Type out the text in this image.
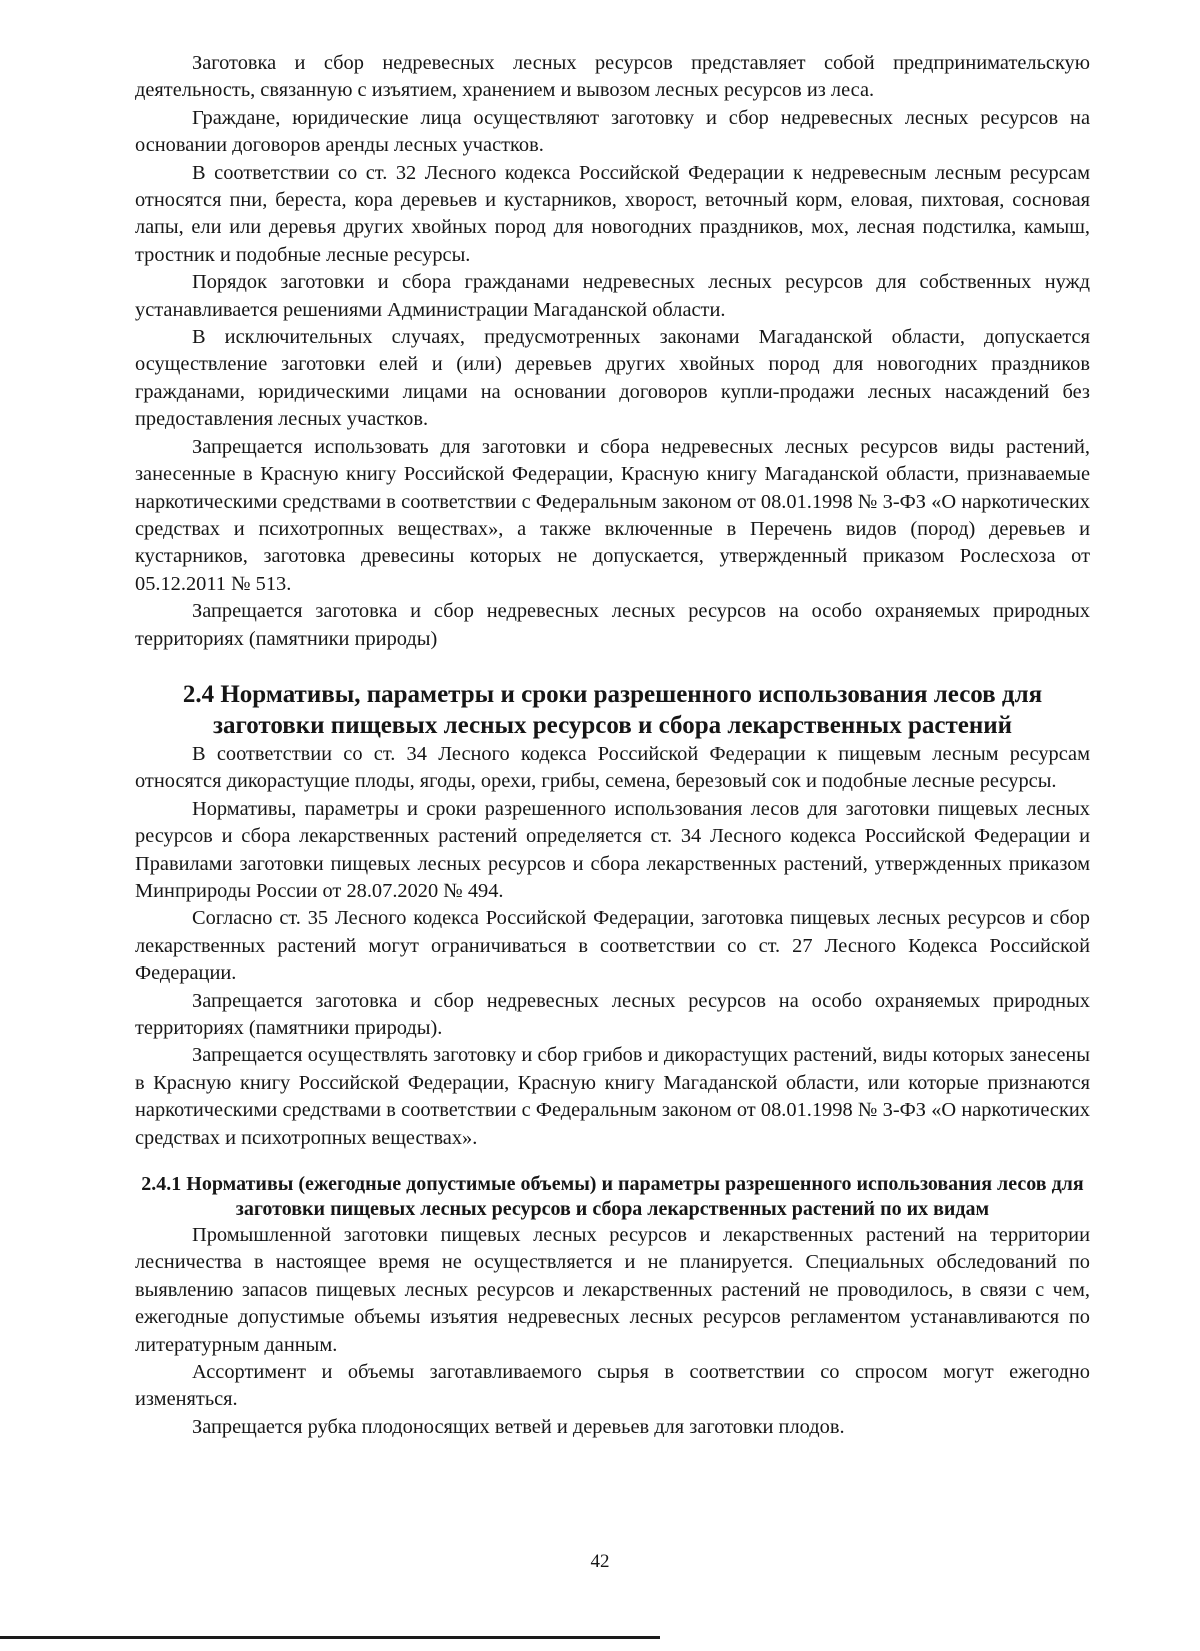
Заготовка и сбор недревесных лесных ресурсов представляет собой предпринимательскую деятельность, связанную с изъятием, хранением и вывозом лесных ресурсов из леса.

Граждане, юридические лица осуществляют заготовку и сбор недревесных лесных ресурсов на основании договоров аренды лесных участков.

В соответствии со ст. 32 Лесного кодекса Российской Федерации к недревесным лесным ресурсам относятся пни, береста, кора деревьев и кустарников, хворост, веточный корм, еловая, пихтовая, сосновая лапы, ели или деревья других хвойных пород для новогодних праздников, мох, лесная подстилка, камыш, тростник и подобные лесные ресурсы.

Порядок заготовки и сбора гражданами недревесных лесных ресурсов для собственных нужд устанавливается решениями Администрации Магаданской области.

В исключительных случаях, предусмотренных законами Магаданской области, допускается осуществление заготовки елей и (или) деревьев других хвойных пород для новогодних праздников гражданами, юридическими лицами на основании договоров купли-продажи лесных насаждений без предоставления лесных участков.

Запрещается использовать для заготовки и сбора недревесных лесных ресурсов виды растений, занесенные в Красную книгу Российской Федерации, Красную книгу Магаданской области, признаваемые наркотическими средствами в соответствии с Федеральным законом от 08.01.1998 № 3-ФЗ «О наркотических средствах и психотропных веществах», а также включенные в Перечень видов (пород) деревьев и кустарников, заготовка древесины которых не допускается, утвержденный приказом Рослесхоза от 05.12.2011 № 513.

Запрещается заготовка и сбор недревесных лесных ресурсов на особо охраняемых природных территориях (памятники природы)

2.4 Нормативы, параметры и сроки разрешенного использования лесов для заготовки пищевых лесных ресурсов и сбора лекарственных растений

В соответствии со ст. 34 Лесного кодекса Российской Федерации к пищевым лесным ресурсам относятся дикорастущие плоды, ягоды, орехи, грибы, семена, березовый сок и подобные лесные ресурсы.

Нормативы, параметры и сроки разрешенного использования лесов для заготовки пищевых лесных ресурсов и сбора лекарственных растений определяется ст. 34 Лесного кодекса Российской Федерации и Правилами заготовки пищевых лесных ресурсов и сбора лекарственных растений, утвержденных приказом Минприроды России от 28.07.2020 № 494.

Согласно ст. 35 Лесного кодекса Российской Федерации, заготовка пищевых лесных ресурсов и сбор лекарственных растений могут ограничиваться в соответствии со ст. 27 Лесного Кодекса Российской Федерации.

Запрещается заготовка и сбор недревесных лесных ресурсов на особо охраняемых природных территориях (памятники природы).

Запрещается осуществлять заготовку и сбор грибов и дикорастущих растений, виды которых занесены в Красную книгу Российской Федерации, Красную книгу Магаданской области, или которые признаются наркотическими средствами в соответствии с Федеральным законом от 08.01.1998 № 3-ФЗ «О наркотических средствах и психотропных веществах».

2.4.1 Нормативы (ежегодные допустимые объемы) и параметры разрешенного использования лесов для заготовки пищевых лесных ресурсов и сбора лекарственных растений по их видам

Промышленной заготовки пищевых лесных ресурсов и лекарственных растений на территории лесничества в настоящее время не осуществляется и не планируется. Специальных обследований по выявлению запасов пищевых лесных ресурсов и лекарственных растений не проводилось, в связи с чем, ежегодные допустимые объемы изъятия недревесных лесных ресурсов регламентом устанавливаются по литературным данным.

Ассортимент и объемы заготавливаемого сырья в соответствии со спросом могут ежегодно изменяться.

Запрещается рубка плодоносящих ветвей и деревьев для заготовки плодов.

42
